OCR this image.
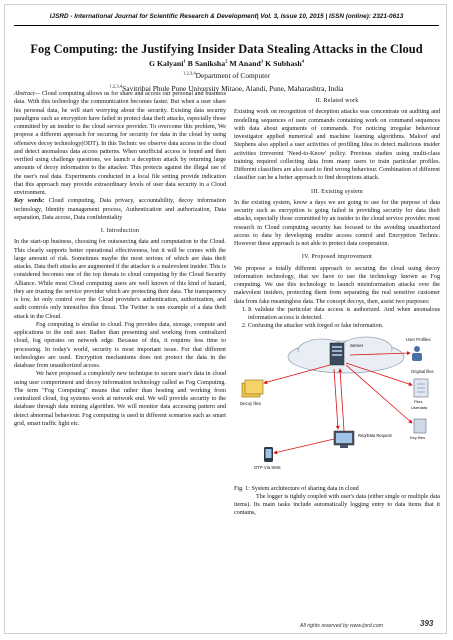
IJSRD - International Journal for Scientific Research & Development| Vol. 3, Issue 10, 2015 | ISSN (online): 2321-0613
Fog Computing: the Justifying Insider Data Stealing Attacks in the Cloud
G Kalyani$^1$ B Saniksha$^2$ M Anand$^3$ K Subhash$^4$
$^{1,2,3,4}$Department of Computer
$^{1,2,3,4}$Savitribai Phule Pune University Mitaoe, Alandi, Pune, Maharashtra, India

Abstract— Cloud computing allows us for share and access our personal and business data. With this technology the communication becomes faster. But when a user share his personal data, he will start worrying about the security. Existing data security paradigms such as encryption have failed in protect data theft attacks, especially those committed by an insider to the cloud service provider. To overcome this problem, We propose a different approach for securing for security for data in the cloud by using offensive decoy technology(ODT). In this Technic we observe data access in the cloud and detect anomalous data access patterns. When unofficial access is found and then verified using challenge questions, we launch a deception attack by returning large amounts of decoy information to the attacker. This protects against the illegal use of the user's real data. Experiments conducted in a local file setting provide indication that this approach may provide extraordinary levels of user data security in a Cloud environment.

Key words: Cloud computing, Data privacy, accountability, decoy information technology, Identity management process, Authentication and authorization, Data separation, Data access, Data confidentiality

I. Introduction

In the start-up business, choosing for outsourcing data and computation to the Cloud. This clearly supports better operational effectiveness, but it will be comes with the large amount of risk. Sometimes maybe the most serious of which are data theft attacks. Data theft attacks are augmented if the attacker is a malevolent insider. This is considered becomes one of the top threats to cloud computing by the Cloud Security Alliance. While most Cloud computing users are well known of this kind of hazard, they are trusting the service provider which are protecting their data. The transparency is low, let only control over the Cloud provider's authentication, authorization, and audit controls only intensifies this threat. The Twitter is one example of a data theft attack in the Cloud.

Fog computing is similar to cloud. Fog provides data, storage, compute and applications to the end user. Rather than presenting and working from centralized cloud, fog operates on network edge. Because of this, it requires less time to processing. In today's world, security is most important issue. For that different technologies are used. Encryption mechanisms does not protect the data in the database from unauthorized access.

We have proposed a completely new technique to secure user's data in cloud using user comportment and decoy information technology called as Fog Computing. The term "Fog Computing" means that rather than hosting and working from centralized cloud, fog systems work at network end. We will provide security to the database through data mining algorithm. We will monitor data accessing pattern and detect abnormal behaviour. Fog computing is used in different scenarios such as smart grid, smart traffic light etc.

II. Related work

Existing work on recognition of deception attacks was concentrate on auditing and modelling sequences of user commands containing work on command sequences with data about arguments of commands. For noticing irregular behaviour investigator applied numerical and machine learning algorithms. Maloof and Stephens also applied a user activities of profiling Idea to detect malicious insider activities irreverent 'Need-to-Know' policy. Previous studies using multi-class training required collecting data from many users to train particular profiles. Different classifiers are also used to find wrong behaviour. Combination of different classifier can be a better approach to find deceptions attack.

III. Existing system

In the existing system, know a days we are going to use for the purpose of data security such as encryption is going failed in providing security for data theft attacks, especially those committed by an insider to the cloud service provider. most research in Cloud computing security has focused to the avoiding unauthorized access to data by developing erudite access control and Encryption Technic. However these approach is not able to protect data cooperation.

IV. Proposed improvement

We propose a totally different approach to securing the cloud using decoy information technology, that we have to use the technology known as Fog computing. We use this technology to launch misinformation attacks over the malevolent insiders, protecting them from separating the real sensitive customer data from fake meaningless data. The concept decoys, then, assist two purposes:

1. It validate the particular data access is authorized. And when anomalous information access is detected.
2. Confusing the attacker with forged or fake information.
Server
User Profiles
Decoy files
Original files
Files
Userdata
Key files
Req/Data Request
OTP Via SMS
Fig. 1: System architecture of sharing data in cloud

The logger is tightly coupled with user's data (either single or multiple data items). Its main tasks include automatically logging entry to data items that it contains,

All rights reserved by www.ijsrd.com	393
